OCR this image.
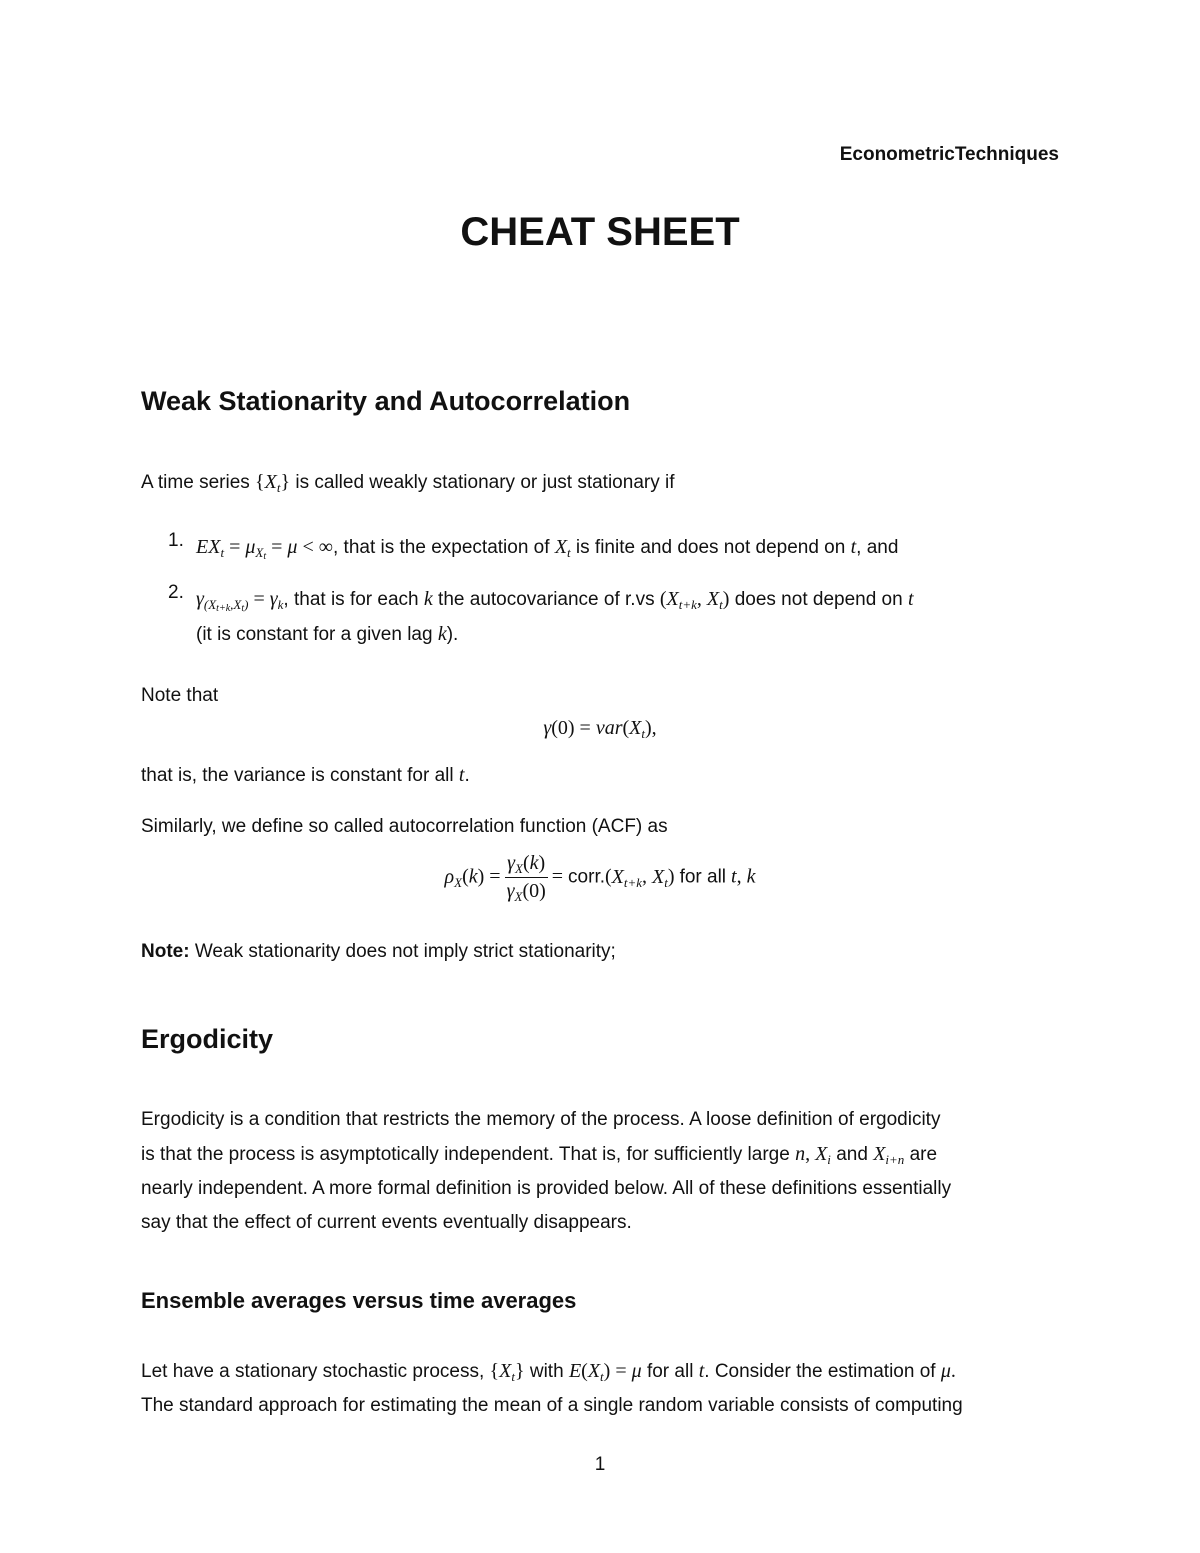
EconometricTechniques
CHEAT SHEET
Weak Stationarity and Autocorrelation
A time series $\{X_t\}$ is called weakly stationary or just stationary if
1. $EX_t = \mu_{X_t} = \mu$ < ∞, that is the expectation of $X_t$ is finite and does not depend on t, and
2. $\gamma_{(X_{t+k},X_t)} = \gamma_k$, that is for each k the autocovariance of r.vs ($X_{t+k}$, $X_t$) does not depend on t
(it is constant for a given lag k).
Note that
$\gamma(0) = var(X_t)$,
that is, the variance is constant for all t.
Similarly, we define so called autocorrelation function (ACF) as
$\rho_X(k) = \frac{\gamma_X(k)}{\gamma_X(0)}$ = $corr.(X_{t+k}$, $X_t$) for all t, k
Note: Weak stationarity does not imply strict stationarity;
Ergodicity
Ergodicity is a condition that restricts the memory of the process. A loose definition of ergodicity
is that the process is asymptotically independent. That is, for sufficiently large n, $X_i$ and $X_{i+n}$ are
nearly independent. A more formal definition is provided below. All of these definitions essentially
say that the effect of current events eventually disappears.
Ensemble averages versus time averages
Let have a stationary stochastic process, $\{X_t\}$ with $E(X_t) = \mu$ for all t. Consider the estimation of μ.
The standard approach for estimating the mean of a single random variable consists of computing
1
